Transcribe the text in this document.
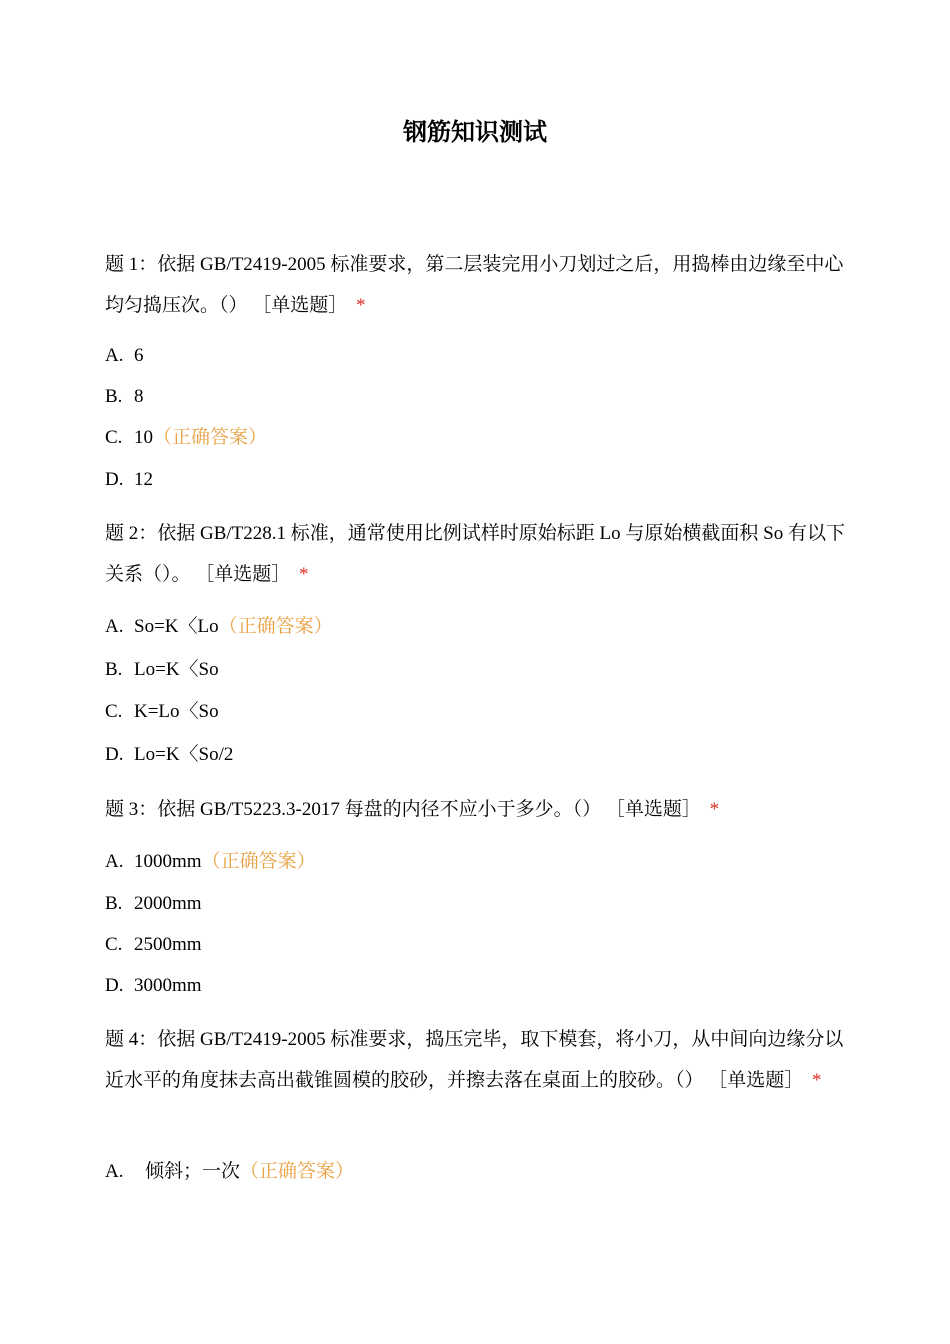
钢筋知识测试
题 1：依据 GB/T2419-2005 标准要求，第二层装完用小刀划过之后，用捣棒由边缘至中心均匀捣压次。（） ［单选题］ *
A. 6
B. 8
C. 10（正确答案）
D. 12
题 2：依据 GB/T228.1 标准，通常使用比例试样时原始标距 Lo 与原始横截面积 So 有以下关系（）。 ［单选题］ *
A. So=K〈Lo（正确答案）
B. Lo=K〈So
C. K=Lo〈So
D. Lo=K〈So/2
题 3：依据 GB/T5223.3-2017 每盘的内径不应小于多少。（） ［单选题］ *
A. 1000mm（正确答案）
B. 2000mm
C. 2500mm
D. 3000mm
题 4：依据 GB/T2419-2005 标准要求，捣压完毕，取下模套，将小刀，从中间向边缘分以近水平的角度抹去高出截锥圆模的胶砂，并擦去落在桌面上的胶砂。（） ［单选题］ *
A. 倾斜；一次（正确答案）
